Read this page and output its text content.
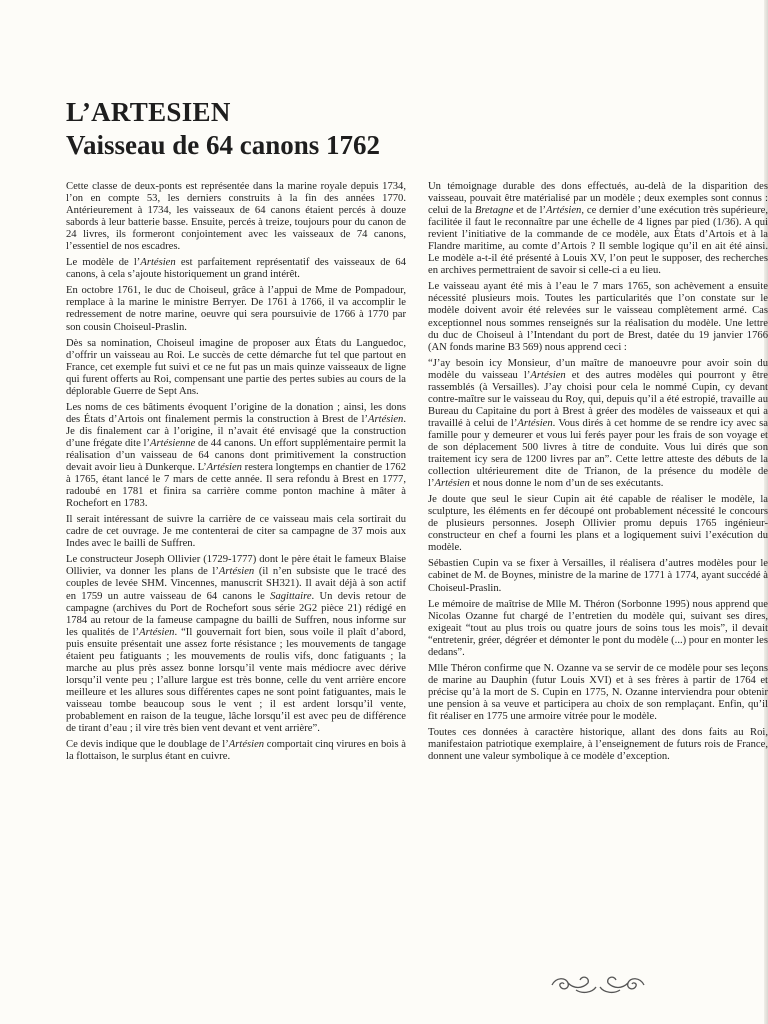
L’ARTESIEN
Vaisseau de 64 canons 1762

Cette classe de deux-ponts est représentée dans la marine royale depuis 1734, l’on en compte 53, les derniers construits à la fin des années 1770. Antérieurement à 1734, les vaisseaux de 64 canons étaient percés à douze sabords à leur batterie basse. Ensuite, percés à treize, toujours pour du canon de 24 livres, ils formeront conjointement avec les vaisseaux de 74 canons, l’essentiel de nos escadres.

Le modèle de l’Artésien est parfaitement représentatif des vaisseaux de 64 canons, à cela s’ajoute historiquement un grand intérêt.

En octobre 1761, le duc de Choiseul, grâce à l’appui de Mme de Pompadour, remplace à la marine le ministre Berryer. De 1761 à 1766, il va accomplir le redressement de notre marine, oeuvre qui sera poursuivie de 1766 à 1770 par son cousin Choiseul-Praslin.

Dès sa nomination, Choiseul imagine de proposer aux États du Languedoc, d’offrir un vaisseau au Roi. Le succès de cette démarche fut tel que partout en France, cet exemple fut suivi et ce ne fut pas un mais quinze vaisseaux de ligne qui furent offerts au Roi, compensant une partie des pertes subies au cours de la déplorable Guerre de Sept Ans.

Les noms de ces bâtiments évoquent l’origine de la donation ; ainsi, les dons des États d’Artois ont finalement permis la construction à Brest de l’Artésien. Je dis finalement car à l’origine, il n’avait été envisagé que la construction d’une frégate dite l’Artésienne de 44 canons. Un effort supplémentaire permit la réalisation d’un vaisseau de 64 canons dont primitivement la construction devait avoir lieu à Dunkerque. L’Artésien restera longtemps en chantier de 1762 à 1765, étant lancé le 7 mars de cette année. Il sera refondu à Brest en 1777, radoubé en 1781 et finira sa carrière comme ponton machine à mâter à Rochefort en 1783.

Il serait intéressant de suivre la carrière de ce vaisseau mais cela sortirait du cadre de cet ouvrage. Je me contenterai de citer sa campagne de 37 mois aux Indes avec le bailli de Suffren.

Le constructeur Joseph Ollivier (1729-1777) dont le père était le fameux Blaise Ollivier, va donner les plans de l’Artésien (il n’en subsiste que le tracé des couples de levée SHM. Vincennes, manuscrit SH321). Il avait déjà à son actif en 1759 un autre vaisseau de 64 canons le Sagittaire. Un devis retour de campagne (archives du Port de Rochefort sous série 2G2 pièce 21) rédigé en 1784 au retour de la fameuse campagne du bailli de Suffren, nous informe sur les qualités de l’Artésien. “Il gouvernait fort bien, sous voile il plaît d’abord, puis ensuite présentait une assez forte résistance ; les mouvements de tangage étaient peu fatiguants ; les mouvements de roulis vifs, donc fatiguants ; la marche au plus près assez bonne lorsqu’il vente mais médiocre avec dérive lorsqu’il vente peu ; l’allure largue est très bonne, celle du vent arrière encore meilleure et les allures sous différentes capes ne sont point fatiguantes, mais le vaisseau tombe beaucoup sous le vent ; il est ardent lorsqu’il vente, probablement en raison de la teugue, lâche lorsqu’il est avec peu de différence de tirant d’eau ; il vire très bien vent devant et vent arrière”.

Ce devis indique que le doublage de l’Artésien comportait cinq virures en bois à la flottaison, le surplus étant en cuivre.

Un témoignage durable des dons effectués, au-delà de la disparition des vaisseau, pouvait être matérialisé par un modèle ; deux exemples sont connus : celui de la Bretagne et de l’Artésien, ce dernier d’une exécution très supérieure, facilitée il faut le reconnaître par une échelle de 4 lignes par pied (1/36). A qui revient l’initiative de la commande de ce modèle, aux États d’Artois et à la Flandre maritime, au comte d’Artois ? Il semble logique qu’il en ait été ainsi. Le modèle a-t-il été présenté à Louis XV, l’on peut le supposer, des recherches en archives permettraient de savoir si celle-ci a eu lieu.

Le vaisseau ayant été mis à l’eau le 7 mars 1765, son achèvement a ensuite nécessité plusieurs mois. Toutes les particularités que l’on constate sur le modèle doivent avoir été relevées sur le vaisseau complètement armé. Cas exceptionnel nous sommes renseignés sur la réalisation du modèle. Une lettre du duc de Choiseul à l’Intendant du port de Brest, datée du 19 janvier 1766 (AN fonds marine B3 569) nous apprend ceci :

“J’ay besoin icy Monsieur, d’un maître de manoeuvre pour avoir soin du modèle du vaisseau l’Artésien et des autres modèles qui pourront y être rassemblés (à Versailles). J’ay choisi pour cela le nommé Cupin, cy devant contre-maître sur le vaisseau du Roy, qui, depuis qu’il a été estropié, travaille au Bureau du Capitaine du port à Brest à gréer des modèles de vaisseaux et qui a travaillé à celui de l’Artésien. Vous dirés à cet homme de se rendre icy avec sa famille pour y demeurer et vous lui ferés payer pour les frais de son voyage et de son déplacement 500 livres à titre de conduite. Vous lui dirés que son traitement icy sera de 1200 livres par an”. Cette lettre atteste des débuts de la collection ultérieurement dite de Trianon, de la présence du modèle de l’Artésien et nous donne le nom d’un de ses exécutants.

Je doute que seul le sieur Cupin ait été capable de réaliser le modèle, la sculpture, les éléments en fer découpé ont probablement nécessité le concours de plusieurs personnes. Joseph Ollivier promu depuis 1765 ingénieur-constructeur en chef a fourni les plans et a logiquement suivi l’exécution du modèle.

Sébastien Cupin va se fixer à Versailles, il réalisera d’autres modèles pour le cabinet de M. de Boynes, ministre de la marine de 1771 à 1774, ayant succédé à Choiseul-Praslin.

Le mémoire de maîtrise de Mlle M. Théron (Sorbonne 1995) nous apprend que Nicolas Ozanne fut chargé de l’entretien du modèle qui, suivant ses dires, exigeait “tout au plus trois ou quatre jours de soins tous les mois”, il devait “entretenir, gréer, dégréer et démonter le pont du modèle (...) pour en monter les dedans”.

Mlle Théron confirme que N. Ozanne va se servir de ce modèle pour ses leçons de marine au Dauphin (futur Louis XVI) et à ses frères à partir de 1764 et précise qu’à la mort de S. Cupin en 1775, N. Ozanne interviendra pour obtenir une pension à sa veuve et participera au choix de son remplaçant. Enfin, qu’il fit réaliser en 1775 une armoire vitrée pour le modèle.

Toutes ces données à caractère historique, allant des dons faits au Roi, manifestaion patriotique exemplaire, à l’enseignement de futurs rois de France, donnent une valeur symbolique à ce modèle d’exception.
